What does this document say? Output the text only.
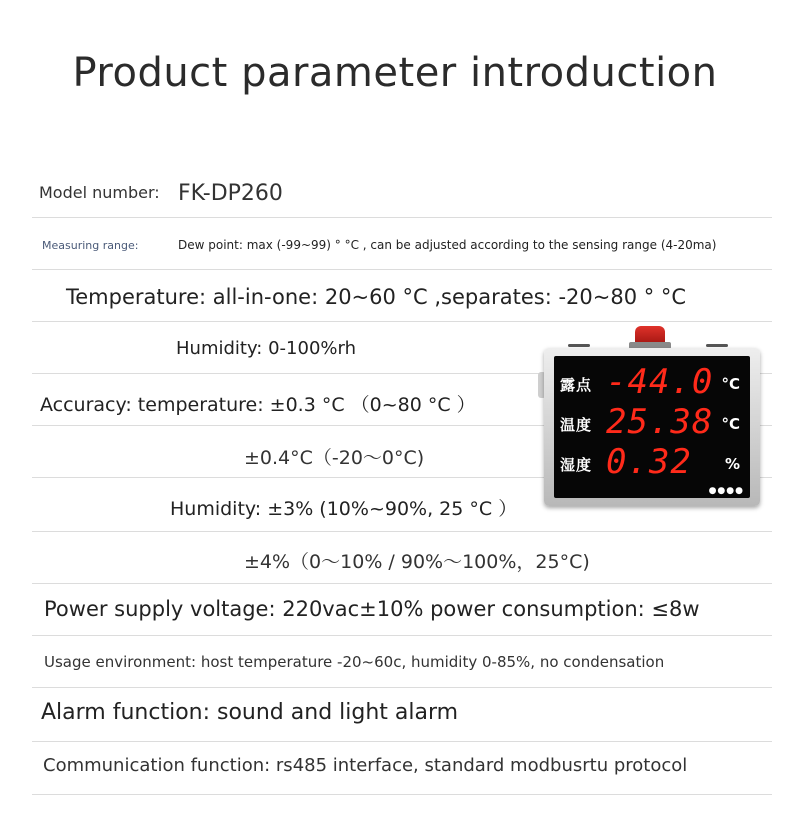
Product parameter introduction
Model number: FK-DP260
Measuring range:	Dew point: max (-99~99) ° °C , can be adjusted according to the sensing range (4-20ma)
Temperature: all-in-one: 20~60 °C ,separates: -20~80 ° °C
Humidity: 0-100%rh
Accuracy: temperature: ±0.3 °C （0~80 °C ）
±0.4°C（-20～0°C)
Humidity: ±3% (10%~90%, 25 °C ）
±4%（0～10% / 90%～100%，25°C)
Power supply voltage: 220vac±10% power consumption: ≤8w
Usage environment: host temperature -20~60c, humidity 0-85%, no condensation
Alarm function: sound and light alarm
Communication function: rs485 interface, standard modbusrtu protocol
露点 -44.0 °C
温度 25.38 °C
湿度 0.32 %
●●●●
